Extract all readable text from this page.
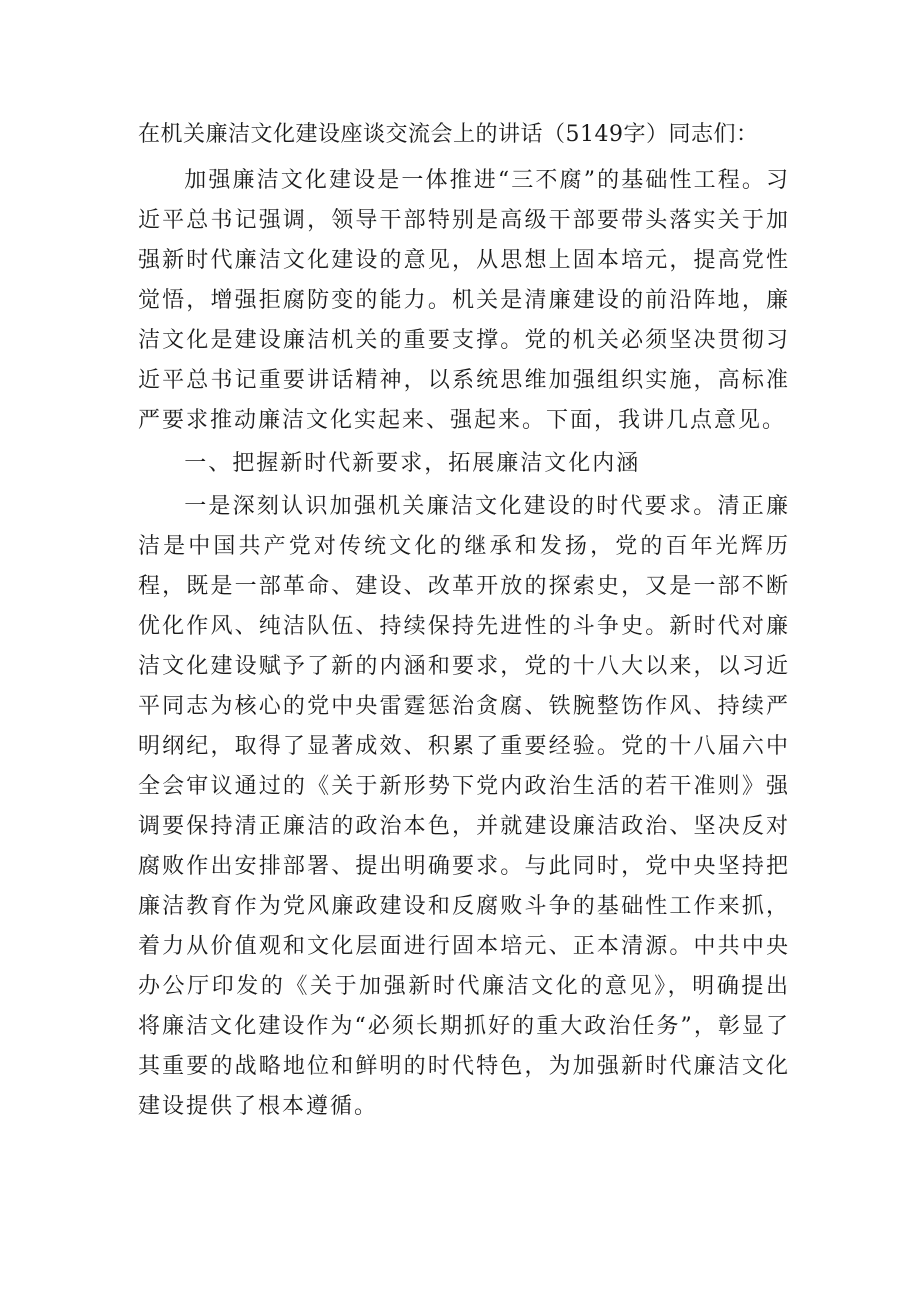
在机关廉洁文化建设座谈交流会上的讲话（5149字）同志们：

加强廉洁文化建设是一体推进“三不腐”的基础性工程。习近平总书记强调，领导干部特别是高级干部要带头落实关于加强新时代廉洁文化建设的意见，从思想上固本培元，提高党性觉悟，增强拒腐防变的能力。机关是清廉建设的前沿阵地，廉洁文化是建设廉洁机关的重要支撑。党的机关必须坚决贯彻习近平总书记重要讲话精神，以系统思维加强组织实施，高标准严要求推动廉洁文化实起来、强起来。下面，我讲几点意见。

一、把握新时代新要求，拓展廉洁文化内涵

一是深刻认识加强机关廉洁文化建设的时代要求。清正廉洁是中国共产党对传统文化的继承和发扬，党的百年光辉历程，既是一部革命、建设、改革开放的探索史，又是一部不断优化作风、纯洁队伍、持续保持先进性的斗争史。新时代对廉洁文化建设赋予了新的内涵和要求，党的十八大以来，以习近平同志为核心的党中央雷霆惩治贪腐、铁腕整饬作风、持续严明纲纪，取得了显著成效、积累了重要经验。党的十八届六中全会审议通过的《关于新形势下党内政治生活的若干准则》强调要保持清正廉洁的政治本色，并就建设廉洁政治、坚决反对腐败作出安排部署、提出明确要求。与此同时，党中央坚持把廉洁教育作为党风廉政建设和反腐败斗争的基础性工作来抓，着力从价值观和文化层面进行固本培元、正本清源。中共中央办公厅印发的《关于加强新时代廉洁文化的意见》，明确提出将廉洁文化建设作为“必须长期抓好的重大政治任务”，彰显了其重要的战略地位和鲜明的时代特色，为加强新时代廉洁文化建设提供了根本遵循。
